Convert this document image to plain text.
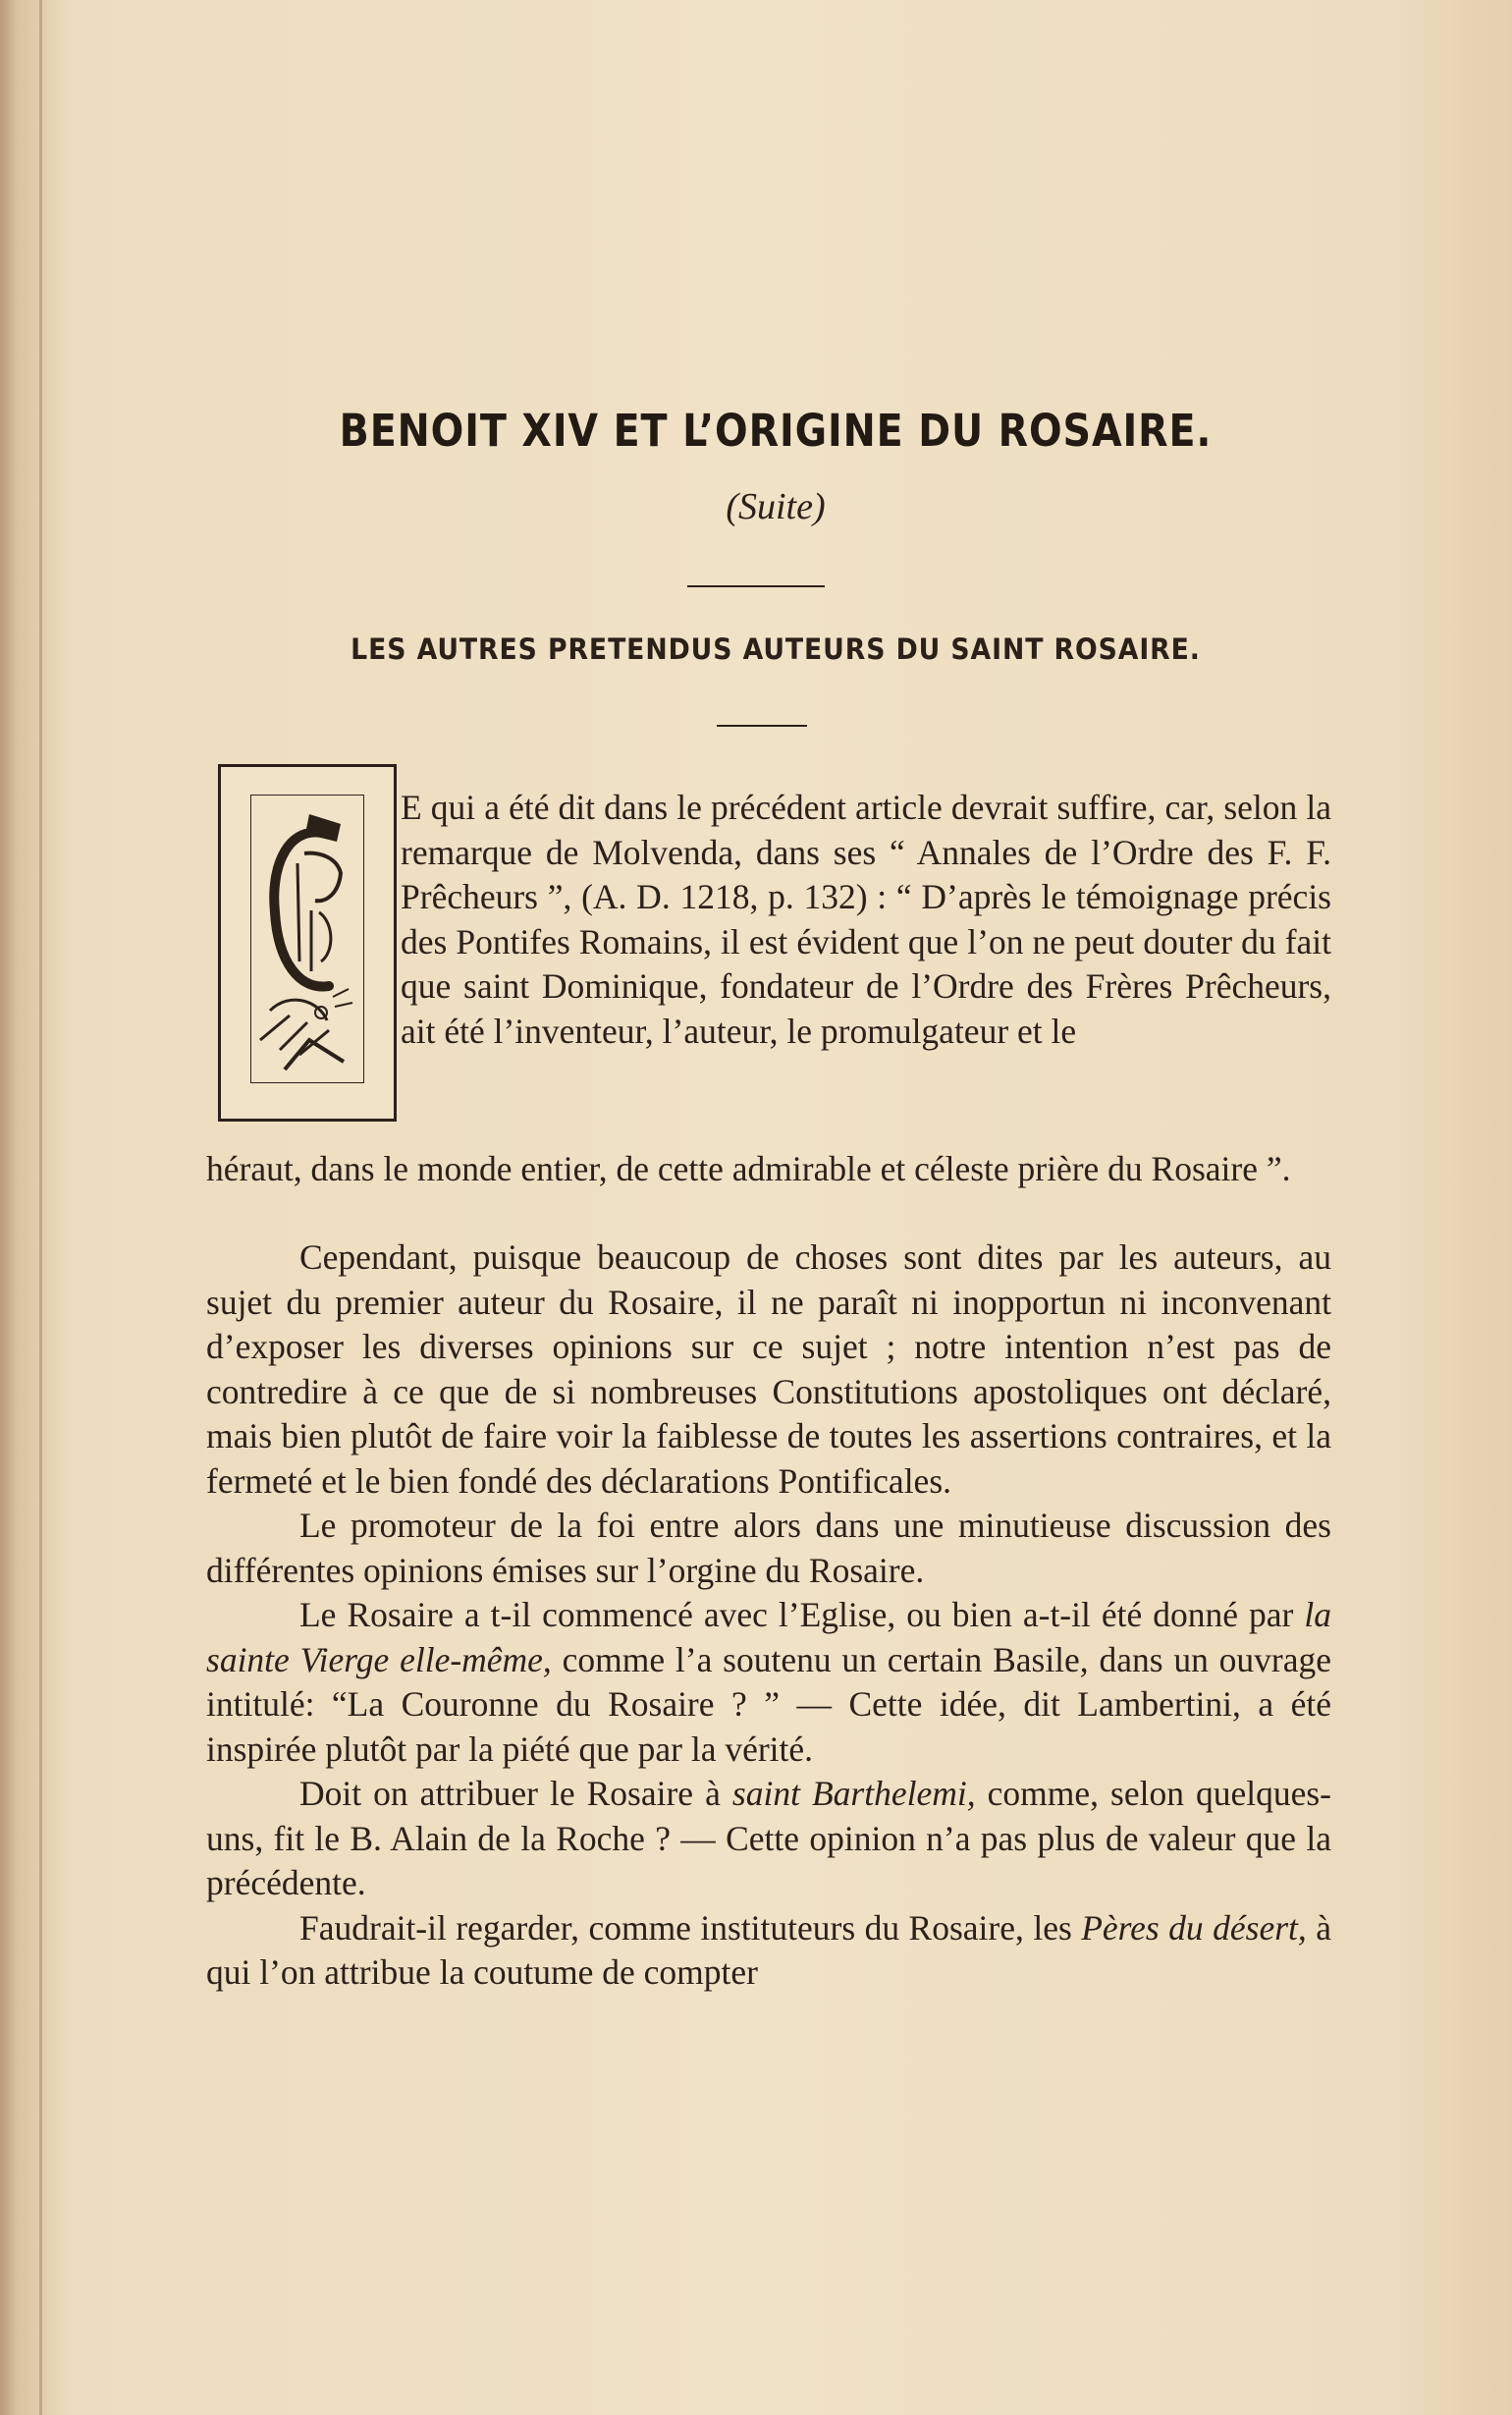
BENOIT XIV ET L’ORIGINE DU ROSAIRE.
(Suite)
LES AUTRES PRETENDUS AUTEURS DU SAINT ROSAIRE.

E qui a été dit dans le précédent article devrait suffire, car, selon la remarque de Molvenda, dans ses “ Annales de l’Ordre des F. F. Prêcheurs ”, (A. D. 1218, p. 132) : “ D’après le témoignage précis des Pontifes Romains, il est évident que l’on ne peut douter du fait que saint Dominique, fondateur de l’Ordre des Frères Prêcheurs, ait été l’inventeur, l’auteur, le promulgateur et le

héraut, dans le monde entier, de cette admirable et céleste prière du Rosaire ”.

Cependant, puisque beaucoup de choses sont dites par les auteurs, au sujet du premier auteur du Rosaire, il ne paraît ni inopportun ni inconvenant d’exposer les diverses opinions sur ce sujet ; notre intention n’est pas de contredire à ce que de si nombreuses Constitutions apostoliques ont déclaré, mais bien plutôt de faire voir la faiblesse de toutes les assertions contraires, et la fermeté et le bien fondé des déclarations Pontificales.

Le promoteur de la foi entre alors dans une minutieuse discussion des différentes opinions émises sur l’orgine du Rosaire.

Le Rosaire a t-il commencé avec l’Eglise, ou bien a-t-il été donné par la sainte Vierge elle-même, comme l’a soutenu un certain Basile, dans un ouvrage intitulé: “La Couronne du Rosaire ? ” — Cette idée, dit Lambertini, a été inspirée plutôt par la piété que par la vérité.

Doit on attribuer le Rosaire à saint Barthelemi, comme, selon quelques-uns, fit le B. Alain de la Roche ? — Cette opinion n’a pas plus de valeur que la précédente.

Faudrait-il regarder, comme instituteurs du Rosaire, les Pères du désert, à qui l’on attribue la coutume de compter
